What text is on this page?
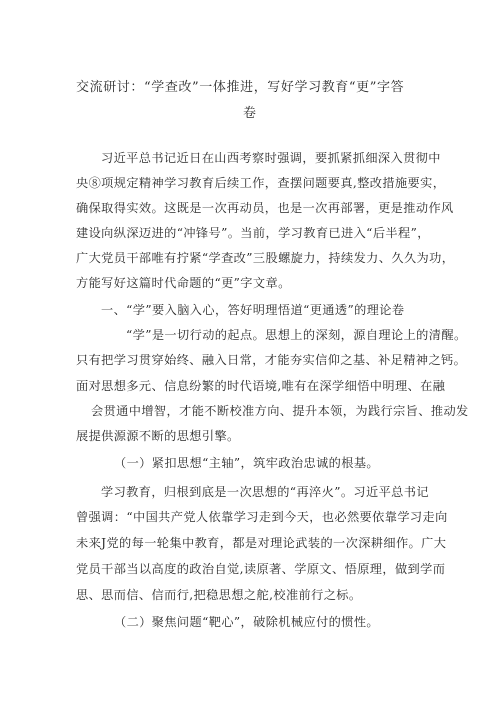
交流研讨：“学查改”一体推进，写好学习教育“更”字答
卷
习近平总书记近日在山西考察时强调，要抓紧抓细深入贯彻中
央⑧项规定精神学习教育后续工作，查摆问题要真,整改措施要实，
确保取得实效。这既是一次再动员，也是一次再部署，更是推动作风
建设向纵深迈进的“冲锋号”。当前，学习教育已进入“后半程”，
广大党员干部唯有拧紧“学查改”三股螺旋力，持续发力、久久为功，
方能写好这篇时代命题的“更”字文章。
一、“学”要入脑入心，答好明理悟道“更通透”的理论卷
“学”是一切行动的起点。思想上的深刻，源自理论上的清醒。
只有把学习贯穿始终、融入日常，才能夯实信仰之基、补足精神之钙。
面对思想多元、信息纷繁的时代语境,唯有在深学细悟中明理、在融
会贯通中增智，才能不断校准方向、提升本领，为践行宗旨、推动发
展提供源源不断的思想引擎。
（一）紧扣思想“主轴”，筑牢政治忠诚的根基。
学习教育，归根到底是一次思想的“再淬火”。习近平总书记
曾强调：“中国共产党人依靠学习走到今天，也必然要依靠学习走向
未来J党的每一轮集中教育，都是对理论武装的一次深耕细作。广大
党员干部当以高度的政治自觉,读原著、学原文、悟原理，做到学而
思、思而信、信而行,把稳思想之舵,校准前行之标。
（二）聚焦问题“靶心”，破除机械应付的惯性。
